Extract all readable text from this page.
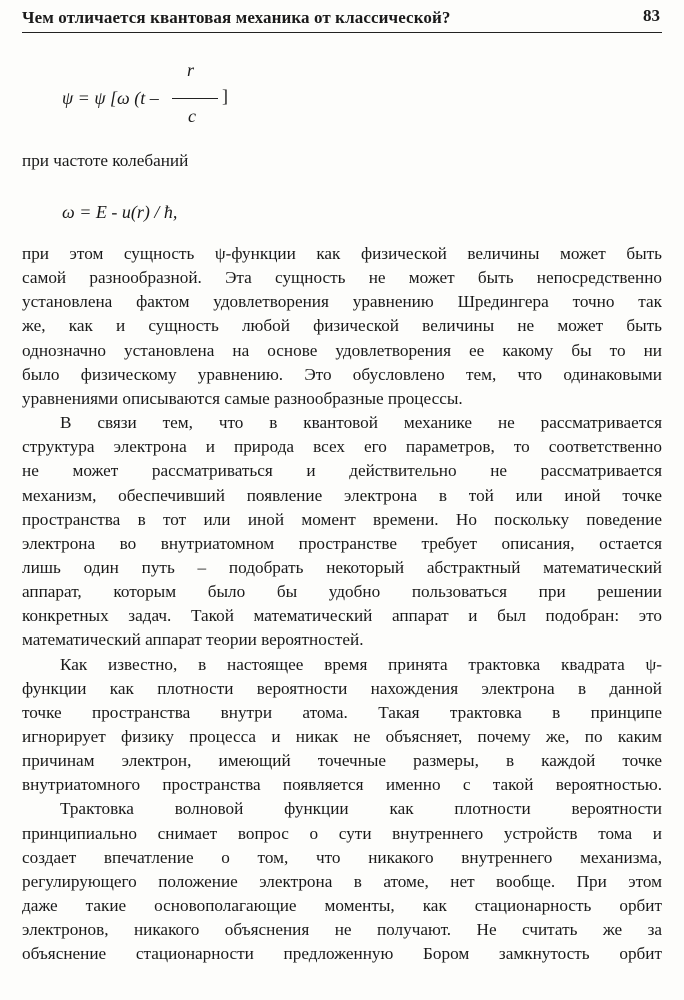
Чем отличается квантовая механика от классической?	83
r
ψ = ψ [ω (t –	]
c
при частоте колебаний
ω = E - u(r) / ħ,
при этом сущность ψ-функции как физической величины может быть
самой разнообразной. Эта сущность не может быть непосредственно
установлена фактом удовлетворения уравнению Шредингера точно так
же, как и сущность любой физической величины не может быть
однозначно установлена на основе удовлетворения ее какому бы то ни
было физическому уравнению. Это обусловлено тем, что одинаковыми
уравнениями описываются самые разнообразные процессы.
В связи тем, что в квантовой механике не рассматривается
структура электрона и природа всех его параметров, то соответственно
не может рассматриваться и действительно не рассматривается
механизм, обеспечивший появление электрона в той или иной точке
пространства в тот или иной момент времени. Но поскольку поведение
электрона во внутриатомном пространстве требует описания, остается
лишь один путь – подобрать некоторый абстрактный математический
аппарат, которым было бы удобно пользоваться при решении
конкретных задач. Такой математический аппарат и был подобран: это
математический аппарат теории вероятностей.
Как известно, в настоящее время принята трактовка квадрата ψ-
функции как плотности вероятности нахождения электрона в данной
точке пространства внутри атома. Такая трактовка в принципе
игнорирует физику процесса и никак не объясняет, почему же, по каким
причинам электрон, имеющий точечные размеры, в каждой точке
внутриатомного пространства появляется именно с такой вероятностью.
Трактовка волновой функции как плотности вероятности
принципиально снимает вопрос о сути внутреннего устройств тома и
создает впечатление о том, что никакого внутреннего механизма,
регулирующего положение электрона в атоме, нет вообще. При этом
даже такие основополагающие моменты, как стационарность орбит
электронов, никакого объяснения не получают. Не считать же за
объяснение стационарности предложенную Бором замкнутость орбит
